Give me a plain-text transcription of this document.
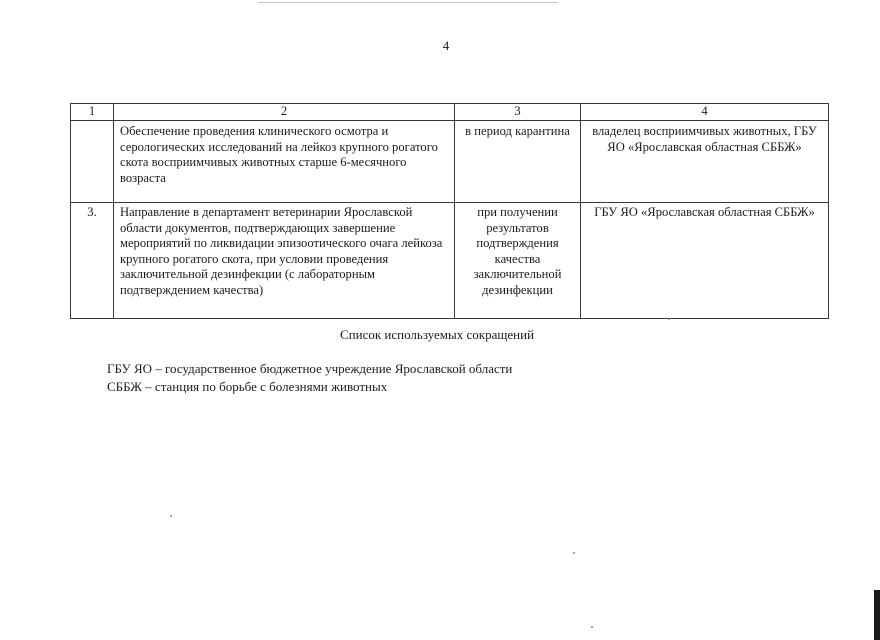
4
1	2	3	4
	Обеспечение проведения клинического осмотра и серологических исследований на лейкоз крупного рогатого скота восприимчивых животных старше 6-месячного возраста	в период карантина	владелец восприимчивых животных, ГБУ ЯО «Ярославская областная СББЖ»
3.	Направление в департамент ветеринарии Ярославской области документов, подтверждающих завершение мероприятий по ликвидации эпизоотического очага лейкоза крупного рогатого скота, при условии проведения заключительной дезинфекции (с лабораторным подтверждением качества)	при получении результатов подтверждения качества заключительной дезинфекции	ГБУ ЯО «Ярославская областная СББЖ»
Список используемых сокращений
ГБУ ЯО – государственное бюджетное учреждение Ярославской области
СББЖ – станция по борьбе с болезнями животных
